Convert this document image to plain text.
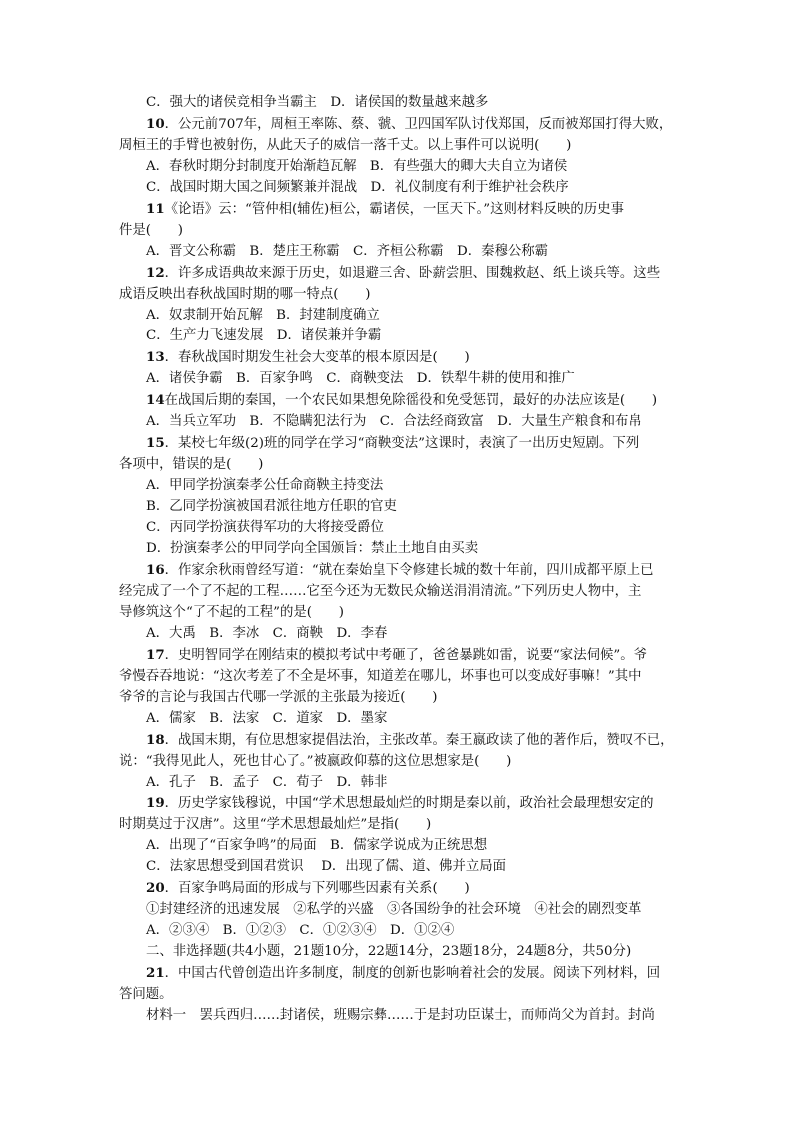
C．强大的诸侯竞相争当霸主　D．诸侯国的数量越来越多
10．公元前707年，周桓王率陈、蔡、虢、卫四国军队讨伐郑国，反而被郑国打得大败，
周桓王的手臂也被射伤，从此天子的威信一落千丈。以上事件可以说明(　　)
A．春秋时期分封制度开始渐趋瓦解　B．有些强大的卿大夫自立为诸侯
C．战国时期大国之间频繁兼并混战　D．礼仪制度有利于维护社会秩序
11《论语》云：“管仲相(辅佐)桓公，霸诸侯，一匡天下。”这则材料反映的历史事
件是(　　)
A．晋文公称霸　B．楚庄王称霸　C．齐桓公称霸　D．秦穆公称霸
12．许多成语典故来源于历史，如退避三舍、卧薪尝胆、围魏救赵、纸上谈兵等。这些
成语反映出春秋战国时期的哪一特点(　　)
A．奴隶制开始瓦解　B．封建制度确立
C．生产力飞速发展　D．诸侯兼并争霸
13．春秋战国时期发生社会大变革的根本原因是(　　)
A．诸侯争霸　B．百家争鸣　C．商鞅变法　D．铁犁牛耕的使用和推广
14在战国后期的秦国，一个农民如果想免除徭役和免受惩罚，最好的办法应该是(　　)
A．当兵立军功　B．不隐瞒犯法行为　C．合法经商致富　D．大量生产粮食和布帛
15．某校七年级(2)班的同学在学习“商鞅变法”这课时，表演了一出历史短剧。下列
各项中，错误的是(　　)
A．甲同学扮演秦孝公任命商鞅主持变法
B．乙同学扮演被国君派往地方任职的官吏
C．丙同学扮演获得军功的大将接受爵位
D．扮演秦孝公的甲同学向全国颁旨：禁止土地自由买卖
16．作家余秋雨曾经写道：“就在秦始皇下令修建长城的数十年前，四川成都平原上已
经完成了一个了不起的工程……它至今还为无数民众输送涓涓清流。”下列历史人物中，主
导修筑这个“了不起的工程”的是(　　)
A．大禹　B．李冰　C．商鞅　D．李春
17．史明智同学在刚结束的模拟考试中考砸了，爸爸暴跳如雷，说要“家法伺候”。爷
爷慢吞吞地说：“这次考差了不全是坏事，知道差在哪儿，坏事也可以变成好事嘛！”其中
爷爷的言论与我国古代哪一学派的主张最为接近(　　)
A．儒家　B．法家　C．道家　D．墨家
18．战国末期，有位思想家提倡法治，主张改革。秦王嬴政读了他的著作后，赞叹不已，
说：“我得见此人，死也甘心了。”被嬴政仰慕的这位思想家是(　　)
A．孔子　B．孟子　C．荀子　D．韩非
19．历史学家钱穆说，中国“学术思想最灿烂的时期是秦以前，政治社会最理想安定的
时期莫过于汉唐”。这里“学术思想最灿烂”是指(　　)
A．出现了“百家争鸣”的局面　B．儒家学说成为正统思想
C．法家思想受到国君赏识　 D．出现了儒、道、佛并立局面
20．百家争鸣局面的形成与下列哪些因素有关系(　　)
①封建经济的迅速发展　②私学的兴盛　③各国纷争的社会环境　④社会的剧烈变革
A．②③④　B．①②③　C．①②③④　D．①②④
二、非选择题(共4小题，21题10分，22题14分，23题18分，24题8分，共50分)
21．中国古代曾创造出许多制度，制度的创新也影响着社会的发展。阅读下列材料，回
答问题。
材料一　罢兵西归……封诸侯，班赐宗彝……于是封功臣谋士，而师尚父为首封。封尚
